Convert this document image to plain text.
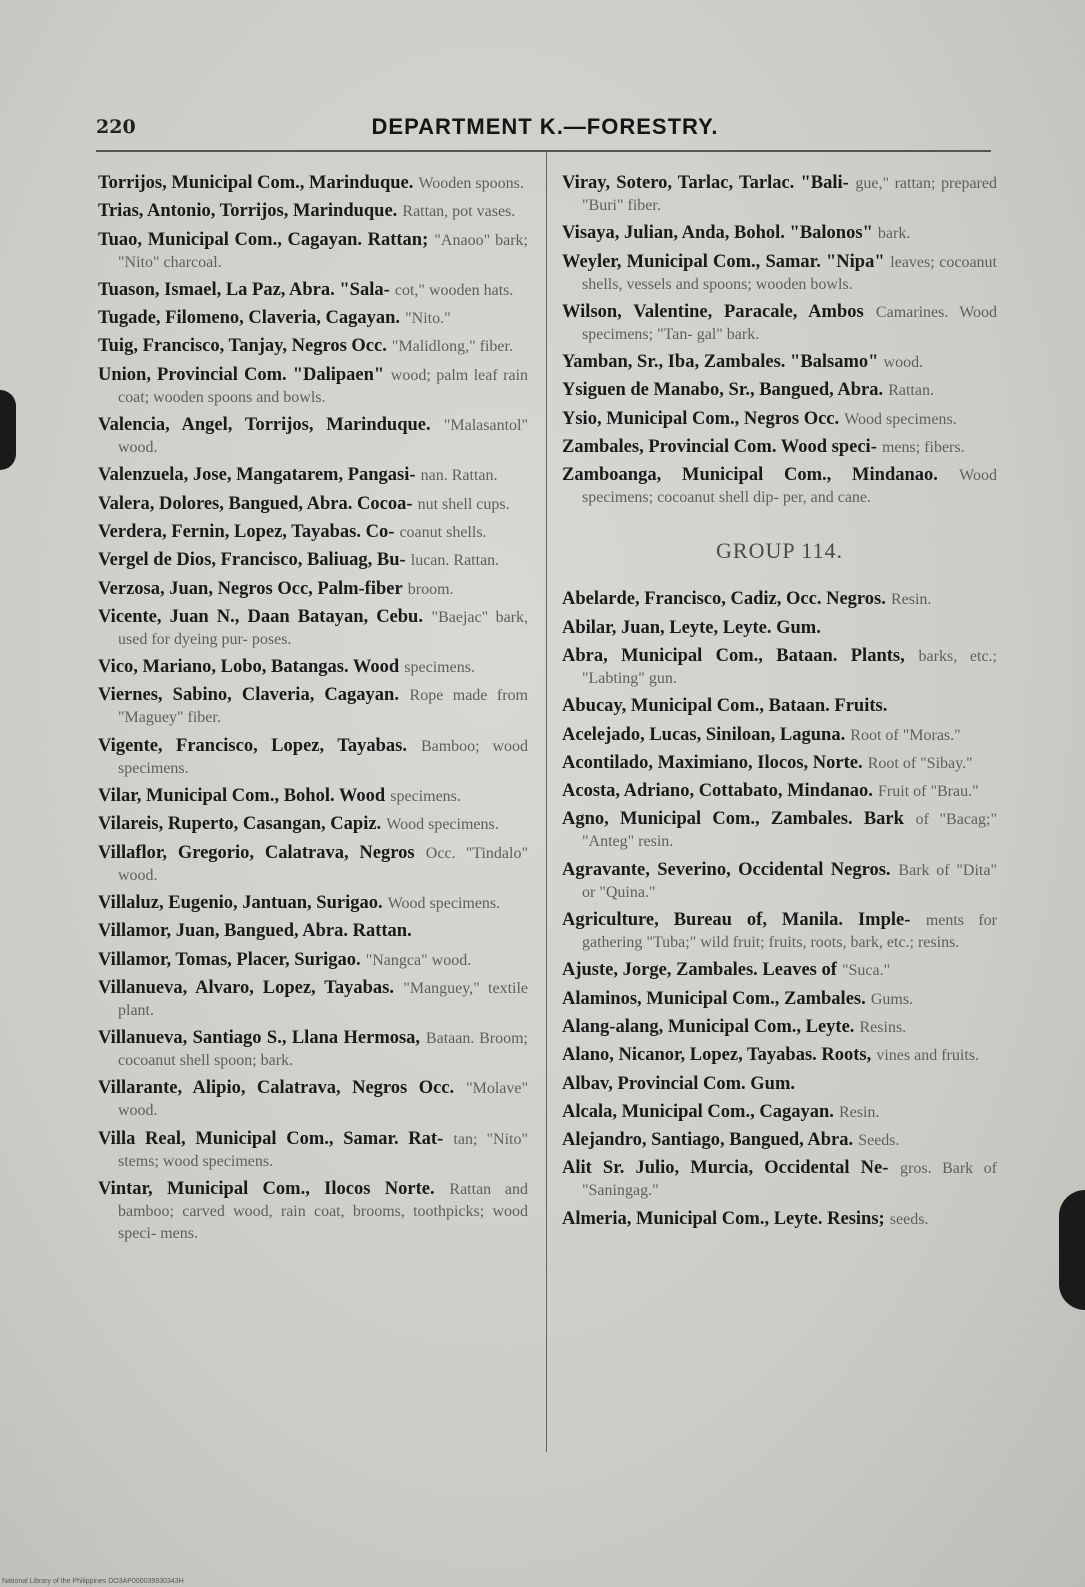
220	DEPARTMENT K.—FORESTRY.
Torrijos, Municipal Com., Marinduque. Wooden spoons.
Trias, Antonio, Torrijos, Marinduque. Rattan, pot vases.
Tuao, Municipal Com., Cagayan. Rattan; "Anaoo" bark; "Nito" charcoal.
Tuason, Ismael, La Paz, Abra. "Sala- cot," wooden hats.
Tugade, Filomeno, Claveria, Cagayan. "Nito."
Tuig, Francisco, Tanjay, Negros Occ. "Malidlong," fiber.
Union, Provincial Com. "Dalipaen" wood; palm leaf rain coat; wooden spoons and bowls.
Valencia, Angel, Torrijos, Marinduque. "Malasantol" wood.
Valenzuela, Jose, Mangatarem, Pangasi- nan. Rattan.
Valera, Dolores, Bangued, Abra. Cocoa- nut shell cups.
Verdera, Fernin, Lopez, Tayabas. Co- coanut shells.
Vergel de Dios, Francisco, Baliuag, Bu- lucan. Rattan.
Verzosa, Juan, Negros Occ, Palm-fiber broom.
Vicente, Juan N., Daan Batayan, Cebu. "Baejac" bark, used for dyeing pur- poses.
Vico, Mariano, Lobo, Batangas. Wood specimens.
Viernes, Sabino, Claveria, Cagayan. Rope made from "Maguey" fiber.
Vigente, Francisco, Lopez, Tayabas. Bamboo; wood specimens.
Vilar, Municipal Com., Bohol. Wood specimens.
Vilareis, Ruperto, Casangan, Capiz. Wood specimens.
Villaflor, Gregorio, Calatrava, Negros Occ. "Tindalo" wood.
Villaluz, Eugenio, Jantuan, Surigao. Wood specimens.
Villamor, Juan, Bangued, Abra. Rattan.
Villamor, Tomas, Placer, Surigao. "Nangca" wood.
Villanueva, Alvaro, Lopez, Tayabas. "Manguey," textile plant.
Villanueva, Santiago S., Llana Hermosa, Bataan. Broom; cocoanut shell spoon; bark.
Villarante, Alipio, Calatrava, Negros Occ. "Molave" wood.
Villa Real, Municipal Com., Samar. Rat- tan; "Nito" stems; wood specimens.
Vintar, Municipal Com., Ilocos Norte. Rattan and bamboo; carved wood, rain coat, brooms, toothpicks; wood speci- mens.
Viray, Sotero, Tarlac, Tarlac. "Bali- gue," rattan; prepared "Buri" fiber.
Visaya, Julian, Anda, Bohol. "Balonos" bark.
Weyler, Municipal Com., Samar. "Nipa" leaves; cocoanut shells, vessels and spoons; wooden bowls.
Wilson, Valentine, Paracale, Ambos Camarines. Wood specimens; "Tan- gal" bark.
Yamban, Sr., Iba, Zambales. "Balsamo" wood.
Ysiguen de Manabo, Sr., Bangued, Abra. Rattan.
Ysio, Municipal Com., Negros Occ. Wood specimens.
Zambales, Provincial Com. Wood speci- mens; fibers.
Zamboanga, Municipal Com., Mindanao. Wood specimens; cocoanut shell dip- per, and cane.
GROUP 114.
Abelarde, Francisco, Cadiz, Occ. Negros. Resin.
Abilar, Juan, Leyte, Leyte. Gum.
Abra, Municipal Com., Bataan. Plants, barks, etc.; "Labting" gun.
Abucay, Municipal Com., Bataan. Fruits.
Acelejado, Lucas, Siniloan, Laguna. Root of "Moras."
Acontilado, Maximiano, Ilocos, Norte. Root of "Sibay."
Acosta, Adriano, Cottabato, Mindanao. Fruit of "Brau."
Agno, Municipal Com., Zambales. Bark of "Bacag;" "Anteg" resin.
Agravante, Severino, Occidental Negros. Bark of "Dita" or "Quina."
Agriculture, Bureau of, Manila. Imple- ments for gathering "Tuba;" wild fruit; fruits, roots, bark, etc.; resins.
Ajuste, Jorge, Zambales. Leaves of "Suca."
Alaminos, Municipal Com., Zambales. Gums.
Alang-alang, Municipal Com., Leyte. Resins.
Alano, Nicanor, Lopez, Tayabas. Roots, vines and fruits.
Albav, Provincial Com. Gum.
Alcala, Municipal Com., Cagayan. Resin.
Alejandro, Santiago, Bangued, Abra. Seeds.
Alit Sr. Julio, Murcia, Occidental Ne- gros. Bark of "Saningag."
Almeria, Municipal Com., Leyte. Resins; seeds.
National Library of the Philippines DO3AP000039930343H
